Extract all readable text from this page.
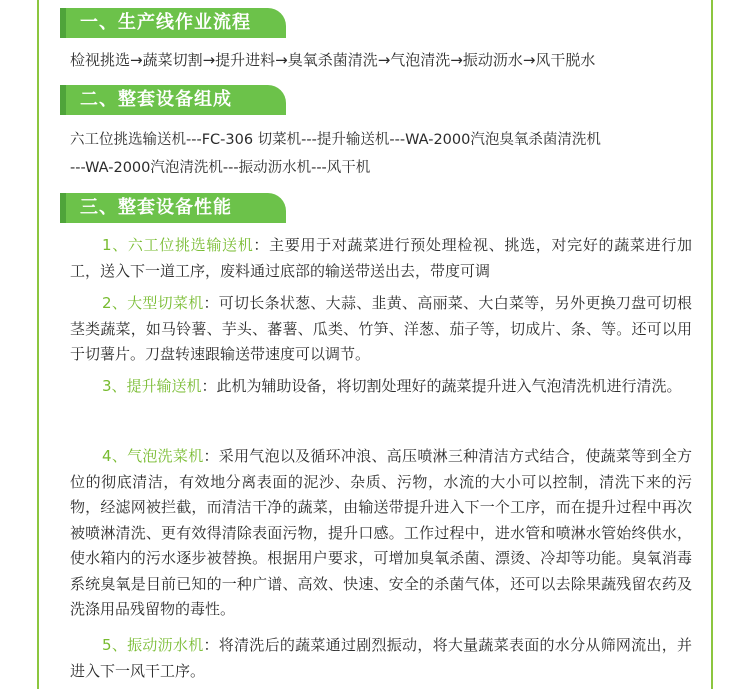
一、生产线作业流程
检视挑选→蔬菜切割→提升进料→臭氧杀菌清洗→气泡清洗→振动沥水→风干脱水
二、整套设备组成
六工位挑选输送机---FC-306 切菜机---提升输送机---WA-2000汽泡臭氧杀菌清洗机
---WA-2000汽泡清洗机---振动沥水机---风干机
三、整套设备性能
1、六工位挑选输送机：主要用于对蔬菜进行预处理检视、挑选，对完好的蔬菜进行加工，送入下一道工序，废料通过底部的输送带送出去，带度可调
2、大型切菜机：可切长条状葱、大蒜、韭黄、高丽菜、大白菜等，另外更换刀盘可切根茎类蔬菜，如马铃薯、芋头、蕃薯、瓜类、竹笋、洋葱、茄子等，切成片、条、等。还可以用于切薯片。刀盘转速跟输送带速度可以调节。
3、提升输送机：此机为辅助设备，将切割处理好的蔬菜提升进入气泡清洗机进行清洗。
4、气泡洗菜机：采用气泡以及循环冲浪、高压喷淋三种清洁方式结合，使蔬菜等到全方位的彻底清洁，有效地分离表面的泥沙、杂质、污物，水流的大小可以控制，清洗下来的污物，经滤网被拦截，而清洁干净的蔬菜，由输送带提升进入下一个工序，而在提升过程中再次被喷淋清洗、更有效得清除表面污物，提升口感。工作过程中，进水管和喷淋水管始终供水，使水箱内的污水逐步被替换。根据用户要求，可增加臭氧杀菌、漂烫、冷却等功能。臭氧消毒系统臭氧是目前已知的一种广谱、高效、快速、安全的杀菌气体，还可以去除果蔬残留农药及洗涤用品残留物的毒性。
5、振动沥水机：将清洗后的蔬菜通过剧烈振动，将大量蔬菜表面的水分从筛网流出，并进入下一风干工序。
